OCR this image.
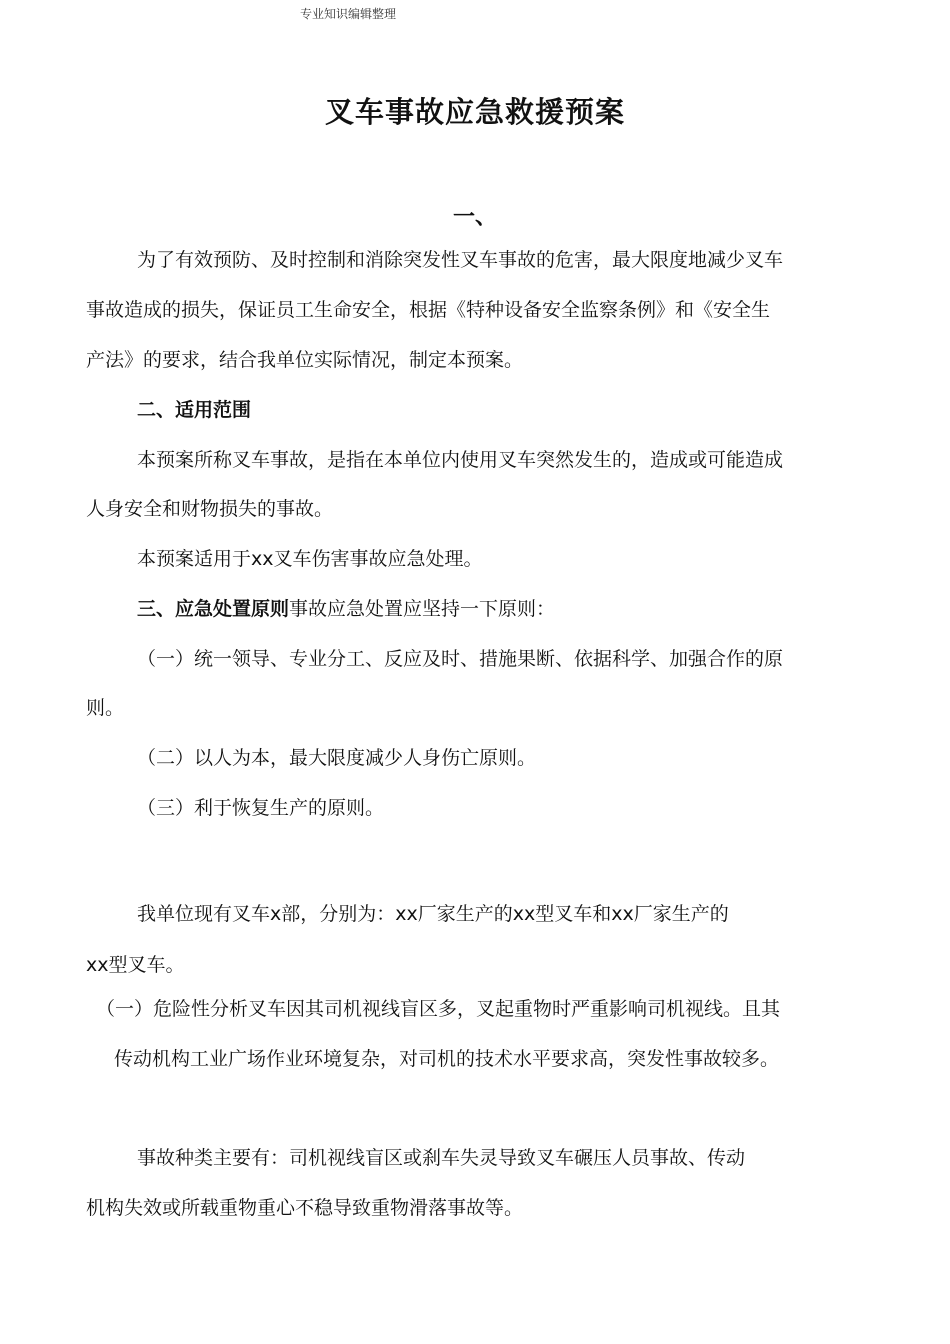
专业知识编辑整理
叉车事故应急救援预案
一、

为了有效预防、及时控制和消除突发性叉车事故的危害，最大限度地减少叉车

事故造成的损失，保证员工生命安全，根据《特种设备安全监察条例》和《安全生

产法》的要求，结合我单位实际情况，制定本预案。

二、适用范围

本预案所称叉车事故，是指在本单位内使用叉车突然发生的，造成或可能造成

人身安全和财物损失的事故。

本预案适用于xx叉车伤害事故应急处理。

三、应急处置原则事故应急处置应坚持一下原则：

（一）统一领导、专业分工、反应及时、措施果断、依据科学、加强合作的原

则。

（二）以人为本，最大限度减少人身伤亡原则。

（三）利于恢复生产的原则。

我单位现有叉车x部，分别为：xx厂家生产的xx型叉车和xx厂家生产的

xx型叉车。

（一）危险性分析叉车因其司机视线盲区多，叉起重物时严重影响司机视线。且其

传动机构工业广场作业环境复杂，对司机的技术水平要求高，突发性事故较多。

事故种类主要有：司机视线盲区或刹车失灵导致叉车碾压人员事故、传动

机构失效或所载重物重心不稳导致重物滑落事故等。
